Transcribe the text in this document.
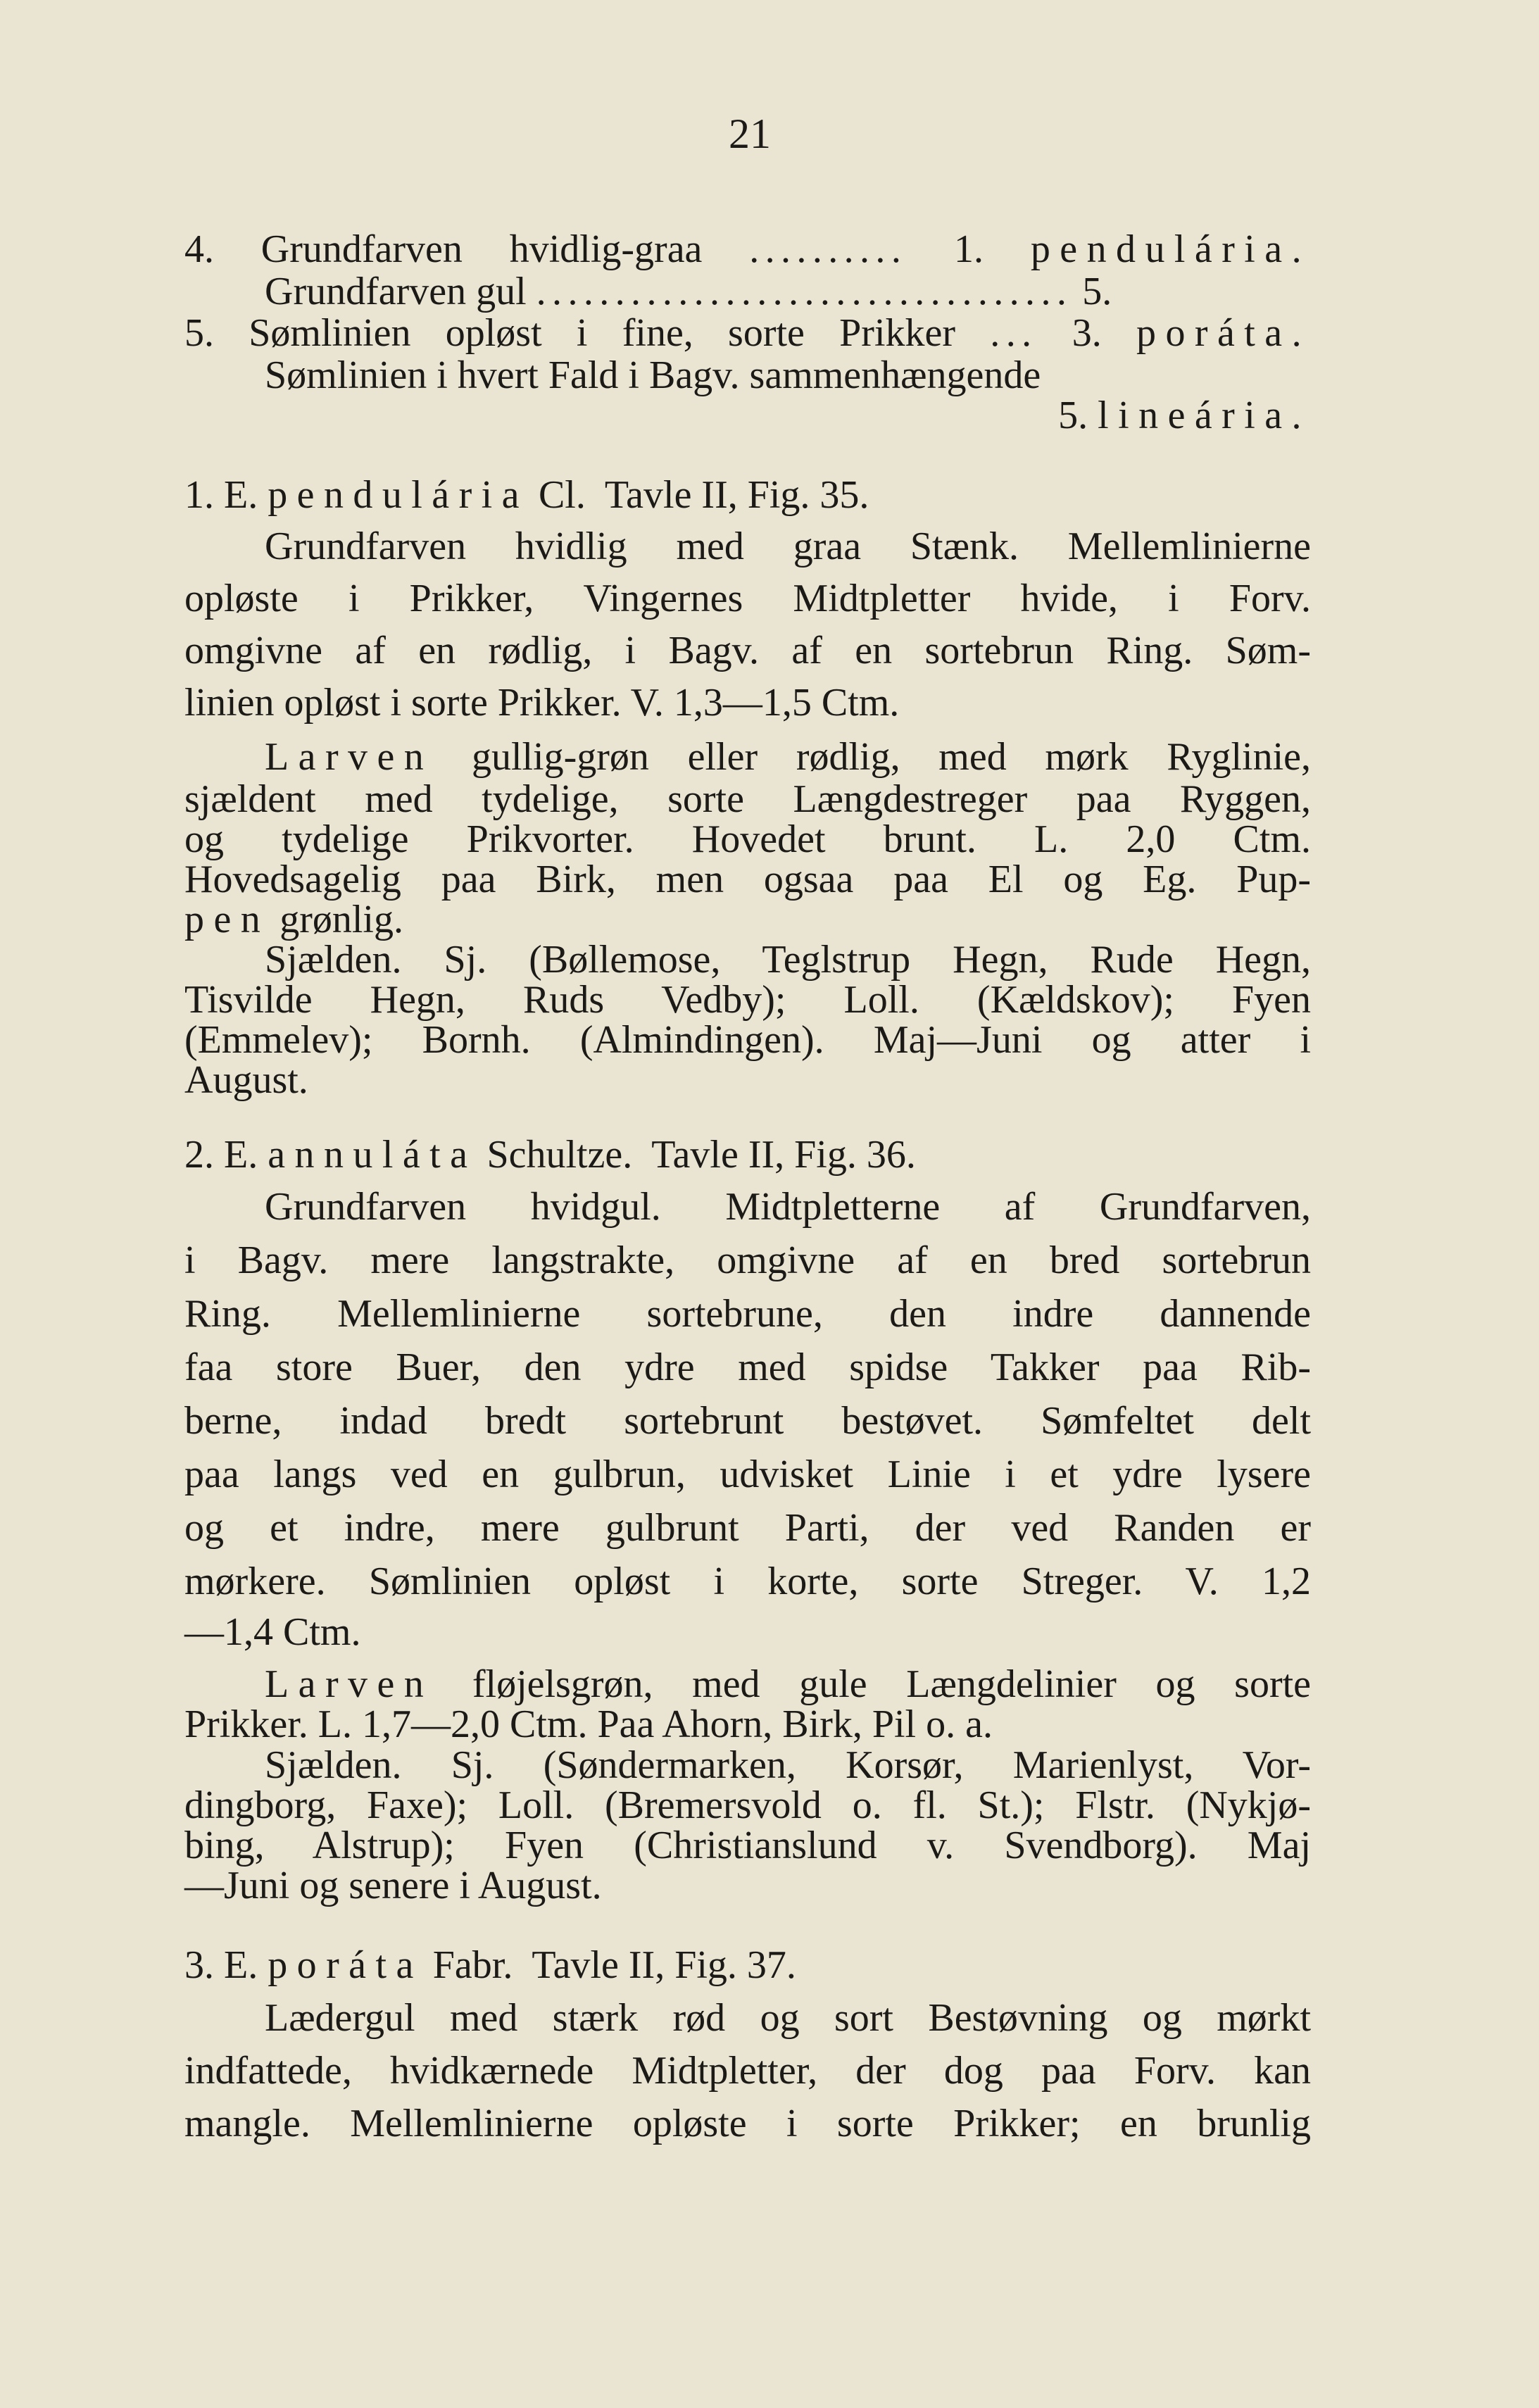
21
4. Grundfarven hvidlig-graa .......... 1. pendulária.
Grundfarven gul .................................. 5.
5. Sømlinien opløst i fine, sorte Prikker ... 3. poráta.
Sømlinien i hvert Fald i Bagv. sammenhængende
5. lineária.
1. E. pendulária Cl.  Tavle II, Fig. 35.
Grundfarven hvidlig med graa Stænk. Mellemlinierne
opløste i Prikker, Vingernes Midtpletter hvide, i Forv.
omgivne af en rødlig, i Bagv. af en sortebrun Ring. Søm-
linien opløst i sorte Prikker. V. 1,3—1,5 Ctm.
Larven gullig-grøn eller rødlig, med mørk Ryglinie,
sjældent med tydelige, sorte Længdestreger paa Ryggen,
og tydelige Prikvorter. Hovedet brunt. L. 2,0 Ctm.
Hovedsagelig paa Birk, men ogsaa paa El og Eg. Pup-
pen grønlig.
Sjælden. Sj. (Bøllemose, Teglstrup Hegn, Rude Hegn,
Tisvilde Hegn, Ruds Vedby); Loll. (Kældskov); Fyen
(Emmelev); Bornh. (Almindingen). Maj—Juni og atter i
August.
2. E. annuláta Schultze.  Tavle II, Fig. 36.
Grundfarven hvidgul. Midtpletterne af Grundfarven,
i Bagv. mere langstrakte, omgivne af en bred sortebrun
Ring. Mellemlinierne sortebrune, den indre dannende
faa store Buer, den ydre med spidse Takker paa Rib-
berne, indad bredt sortebrunt bestøvet. Sømfeltet delt
paa langs ved en gulbrun, udvisket Linie i et ydre lysere
og et indre, mere gulbrunt Parti, der ved Randen er
mørkere. Sømlinien opløst i korte, sorte Streger. V. 1,2
—1,4 Ctm.
Larven fløjelsgrøn, med gule Længdelinier og sorte
Prikker. L. 1,7—2,0 Ctm. Paa Ahorn, Birk, Pil o. a.
Sjælden. Sj. (Søndermarken, Korsør, Marienlyst, Vor-
dingborg, Faxe); Loll. (Bremersvold o. fl. St.); Flstr. (Nykjø-
bing, Alstrup); Fyen (Christianslund v. Svendborg). Maj
—Juni og senere i August.
3. E. poráta Fabr.  Tavle II, Fig. 37.
Lædergul med stærk rød og sort Bestøvning og mørkt
indfattede, hvidkærnede Midtpletter, der dog paa Forv. kan
mangle. Mellemlinierne opløste i sorte Prikker; en brunlig
